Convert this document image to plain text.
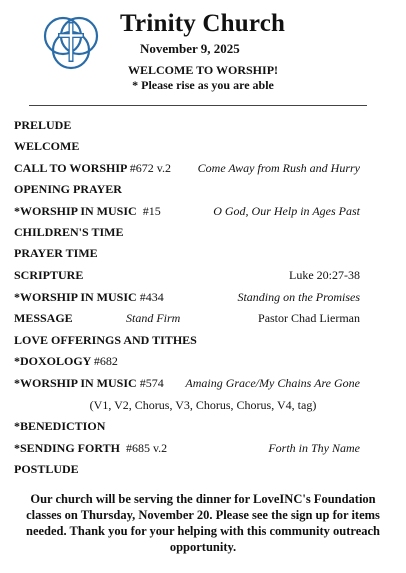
Trinity Church
November 9, 2025
WELCOME TO WORSHIP!
* Please rise as you are able
PRELUDE
WELCOME
CALL TO WORSHIP #672 v.2 Come Away from Rush and Hurry
OPENING PRAYER
*WORSHIP IN MUSIC #15	O God, Our Help in Ages Past
CHILDREN'S TIME
PRAYER TIME
SCRIPTURE	Luke 20:27-38
*WORSHIP IN MUSIC #434	Standing on the Promises
MESSAGE	Stand Firm	Pastor Chad Lierman
LOVE OFFERINGS AND TITHES
*DOXOLOGY #682
*WORSHIP IN MUSIC #574 Amaing Grace/My Chains Are Gone
(V1, V2, Chorus, V3, Chorus, Chorus, V4, tag)
*BENEDICTION
*SENDING FORTH #685 v.2	Forth in Thy Name
POSTLUDE
Our church will be serving the dinner for LoveINC's Foundation classes on Thursday, November 20. Please see the sign up for items needed. Thank you for your helping with this community outreach opportunity.
